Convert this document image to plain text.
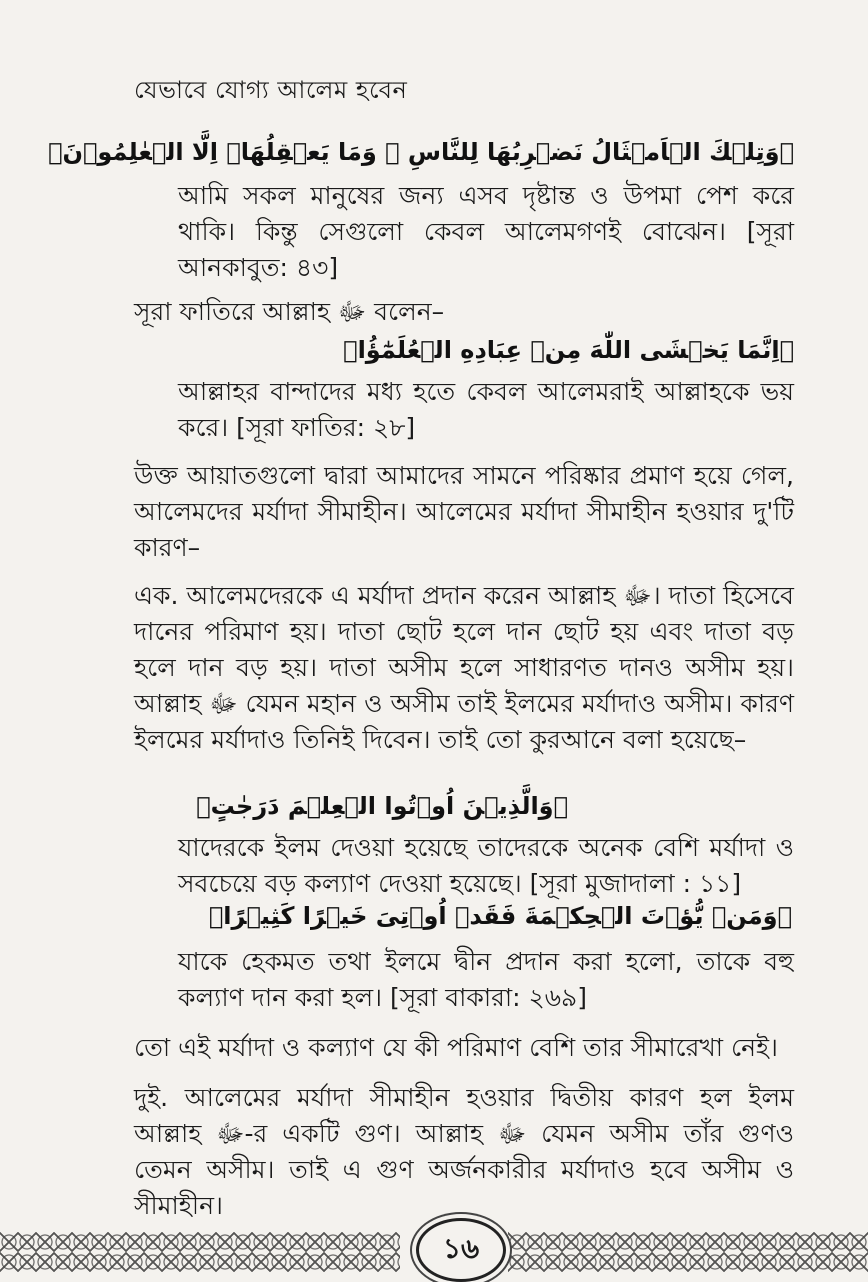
যেভাবে যোগ্য আলেম হবেন
﴿وَتِلۡكَ الۡاَمۡثَالُ نَضۡرِبُهَا لِلنَّاسِ ۚ وَمَا يَعۡقِلُهَاۤ اِلَّا الۡعٰلِمُوۡنَ﴾
আমি সকল মানুষের জন্য এসব দৃষ্টান্ত ও উপমা পেশ করে থাকি। কিন্তু সেগুলো কেবল আলেমগণই বোঝেন। [সূরা আনকাবুত: ৪৩]
সূরা ফাতিরে আল্লাহ ﷻ বলেন–
﴿اِنَّمَا يَخۡشَى اللّٰهَ مِنۡ عِبَادِهِ الۡعُلَمٰٓؤُا﴾
আল্লাহর বান্দাদের মধ্য হতে কেবল আলেমরাই আল্লাহকে ভয় করে। [সূরা ফাতির: ২৮]
উক্ত আয়াতগুলো দ্বারা আমাদের সামনে পরিষ্কার প্রমাণ হয়ে গেল, আলেমদের মর্যাদা সীমাহীন। আলেমের মর্যাদা সীমাহীন হওয়ার দু'টি কারণ–
এক. আলেমদেরকে এ মর্যাদা প্রদান করেন আল্লাহ ﷻ। দাতা হিসেবে দানের পরিমাণ হয়। দাতা ছোট হলে দান ছোট হয় এবং দাতা বড় হলে দান বড় হয়। দাতা অসীম হলে সাধারণত দানও অসীম হয়। আল্লাহ ﷻ যেমন মহান ও অসীম তাই ইলমের মর্যাদাও অসীম। কারণ ইলমের মর্যাদাও তিনিই দিবেন। তাই তো কুরআনে বলা হয়েছে–
﴿وَالَّذِيۡنَ اُوۡتُوا الۡعِلۡمَ دَرَجٰتٍ﴾
যাদেরকে ইলম দেওয়া হয়েছে তাদেরকে অনেক বেশি মর্যাদা ও সবচেয়ে বড় কল্যাণ দেওয়া হয়েছে। [সূরা মুজাদালা : ১১]
﴿وَمَنۡ يُّؤۡتَ الۡحِكۡمَةَ فَقَدۡ اُوۡتِىَ خَيۡرًا كَثِيۡرًا﴾
যাকে হেকমত তথা ইলমে দ্বীন প্রদান করা হলো, তাকে বহু কল্যাণ দান করা হল। [সূরা বাকারা: ২৬৯]
তো এই মর্যাদা ও কল্যাণ যে কী পরিমাণ বেশি তার সীমারেখা নেই।
দুই. আলেমের মর্যাদা সীমাহীন হওয়ার দ্বিতীয় কারণ হল ইলম আল্লাহ ﷻ-র একটি গুণ। আল্লাহ ﷻ যেমন অসীম তাঁর গুণও তেমন অসীম। তাই এ গুণ অর্জনকারীর মর্যাদাও হবে অসীম ও সীমাহীন।
১৬
